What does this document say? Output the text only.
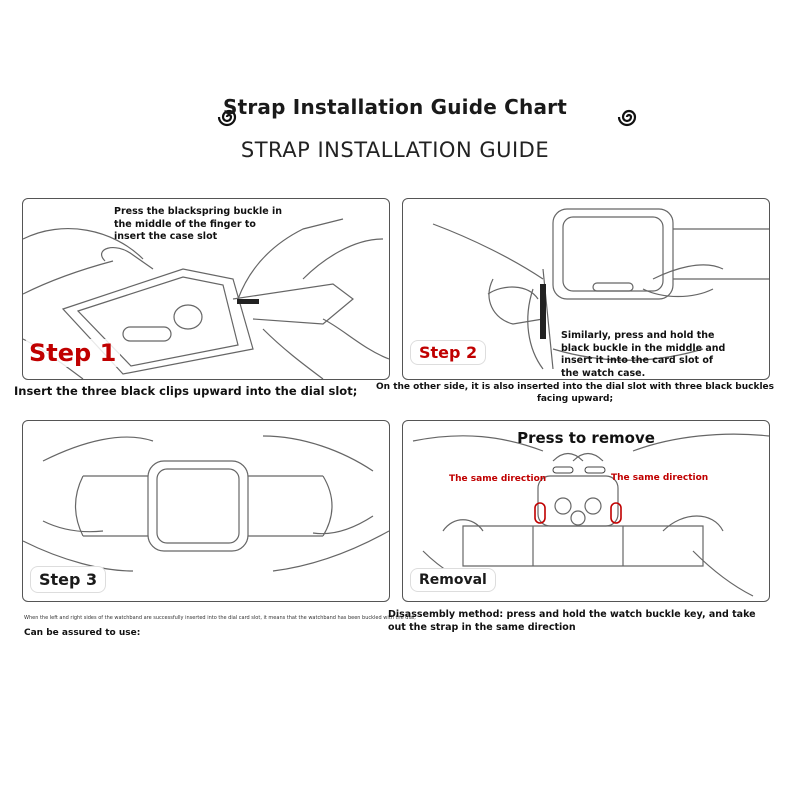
Strap Installation Guide Chart
STRAP INSTALLATION GUIDE
Press the blackspring buckle in the middle of the finger to insert the case slot
Step 1
Insert the three black clips upward into the dial slot;
Similarly, press and hold the black buckle in the middle and insert it into the card slot of the watch case.
Step 2
On the other side, it is also inserted into the dial slot with three black buckles facing upward;
Step 3
When the left and right sides of the watchband are successfully inserted into the dial card slot, it means that the watchband has been buckled with the dial,
Can be assured to use:
Press to remove
The same direction	The same direction
Removal
Disassembly method: press and hold the watch buckle key, and take out the strap in the same direction
